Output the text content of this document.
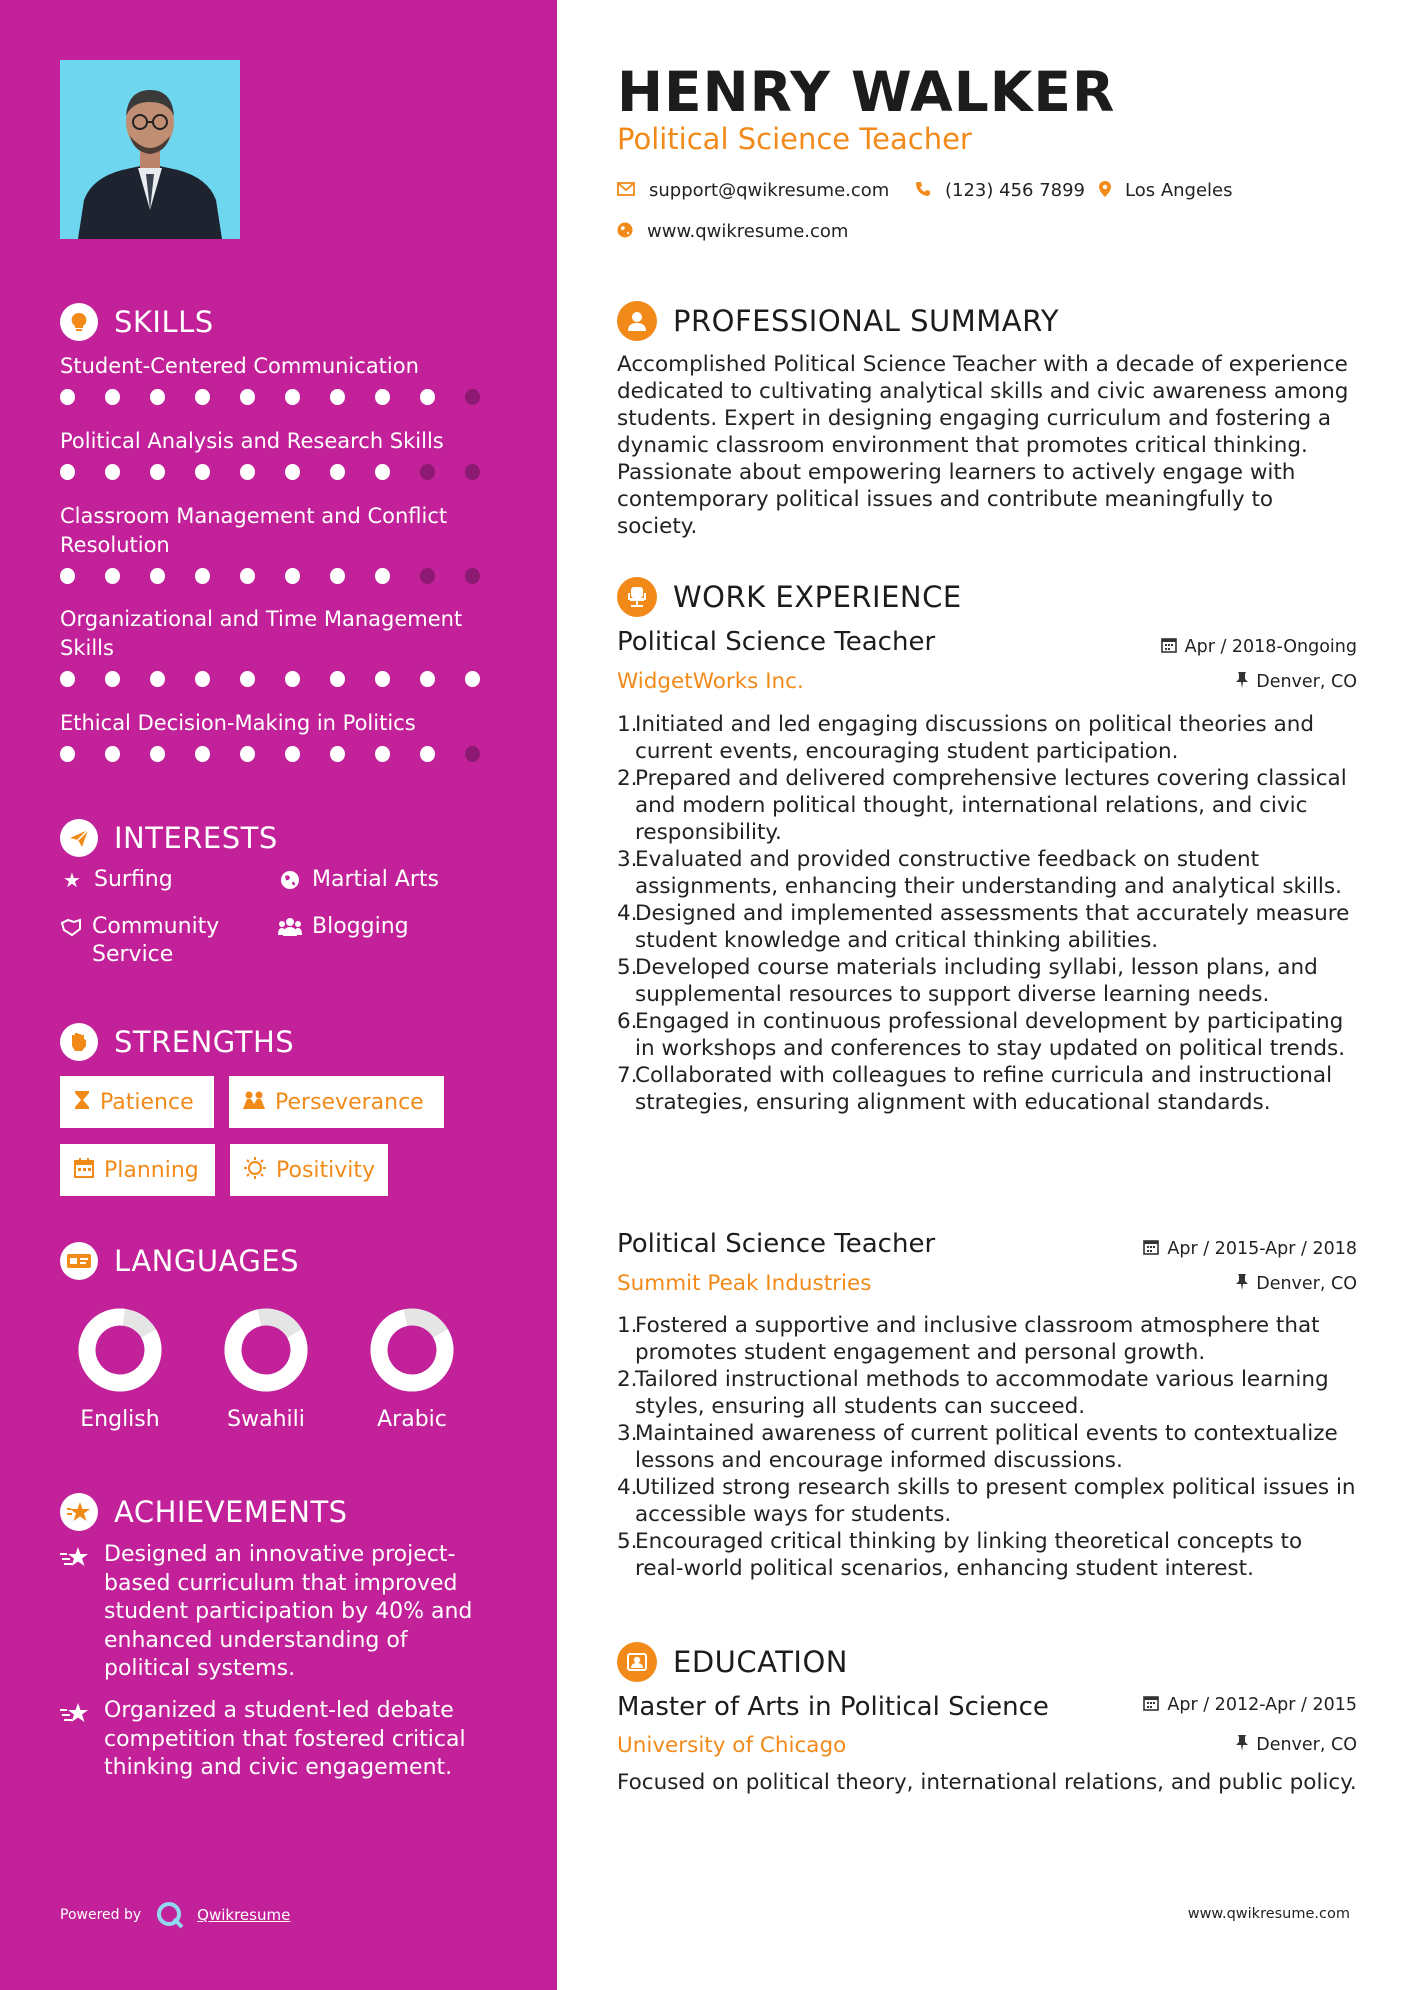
SKILLS
Student-Centered Communication
Political Analysis and Research Skills
Classroom Management and Conflict Resolution
Organizational and Time Management Skills
Ethical Decision-Making in Politics
INTERESTS
★ Surfing	Martial Arts
Community Service
Blogging
STRENGTHS
Patience	Perseverance
Planning	Positivity
LANGUAGES
English	Swahili	Arabic
ACHIEVEMENTS
Designed an innovative project-based curriculum that improved student participation by 40% and enhanced understanding of political systems.
Organized a student-led debate competition that fostered critical thinking and civic engagement.
Powered by	Qwikresume
HENRY WALKER
Political Science Teacher
support@qwikresume.com	(123) 456 7899 Los Angeles
www.qwikresume.com
PROFESSIONAL SUMMARY
Accomplished Political Science Teacher with a decade of experience dedicated to cultivating analytical skills and civic awareness among students. Expert in designing engaging curriculum and fostering a dynamic classroom environment that promotes critical thinking. Passionate about empowering learners to actively engage with contemporary political issues and contribute meaningfully to society.
WORK EXPERIENCE
Political Science Teacher	Apr / 2018-Ongoing
WidgetWorks Inc.	Denver, CO
1.
Initiated and led engaging discussions on political theories and current events, encouraging student participation.
2.
Prepared and delivered comprehensive lectures covering classical and modern political thought, international relations, and civic responsibility.
3.
Evaluated and provided constructive feedback on student assignments, enhancing their understanding and analytical skills.
4.
Designed and implemented assessments that accurately measure student knowledge and critical thinking abilities.
5.
Developed course materials including syllabi, lesson plans, and supplemental resources to support diverse learning needs.
6.
Engaged in continuous professional development by participating in workshops and conferences to stay updated on political trends.
7.
Collaborated with colleagues to refine curricula and instructional strategies, ensuring alignment with educational standards.
Political Science Teacher	Apr / 2015-Apr / 2018
Summit Peak Industries	Denver, CO
1.
Fostered a supportive and inclusive classroom atmosphere that promotes student engagement and personal growth.
2.
Tailored instructional methods to accommodate various learning styles, ensuring all students can succeed.
3.
Maintained awareness of current political events to contextualize lessons and encourage informed discussions.
4.
Utilized strong research skills to present complex political issues in accessible ways for students.
5.
Encouraged critical thinking by linking theoretical concepts to real-world political scenarios, enhancing student interest.
EDUCATION
Master of Arts in Political Science	Apr / 2012-Apr / 2015
University of Chicago	Denver, CO
Focused on political theory, international relations, and public policy.
www.qwikresume.com
